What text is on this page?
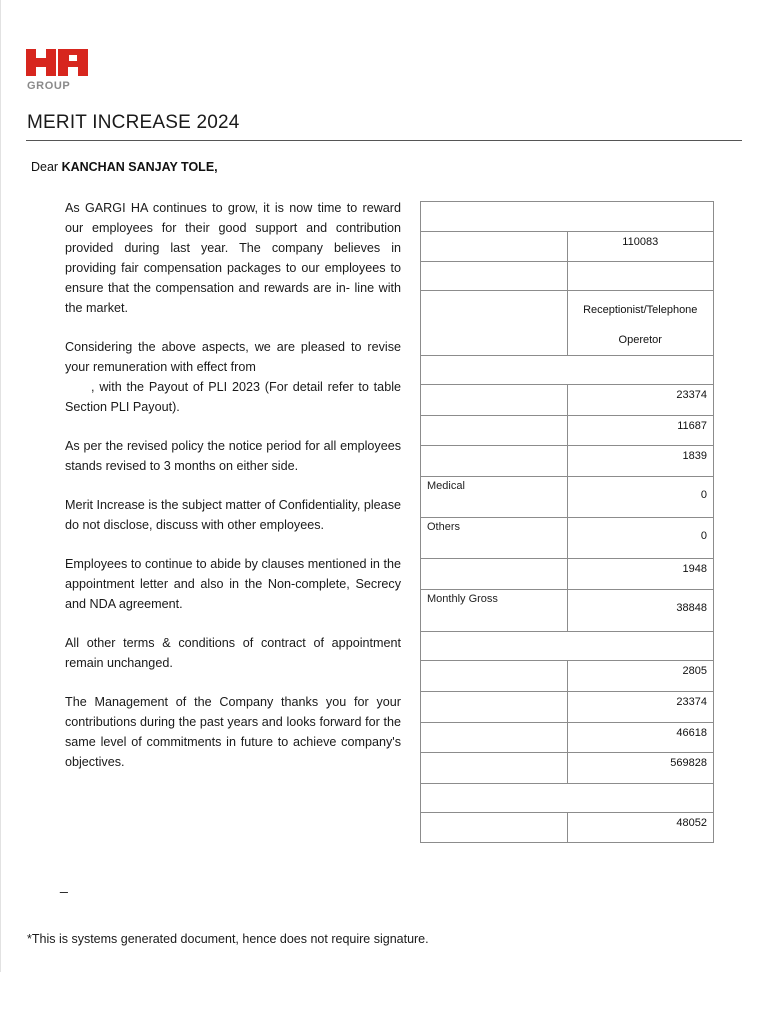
GROUP
MERIT INCREASE 2024
Dear KANCHAN SANJAY TOLE,

As GARGI HA continues to grow, it is now time to reward our employees for their good support and contribution provided during last year. The company believes in providing fair compensation packages to our employees to ensure that the compensation and rewards are in- line with the market.

Considering the above aspects, we are pleased to revise your remuneration with effect from
, with the Payout of PLI 2023 (For detail refer to table Section PLI Payout).

As per the revised policy the notice period for all employees stands revised to 3 months on either side.

Merit Increase is the subject matter of Confidentiality, please do not disclose, discuss with other employees.

Employees to continue to abide by clauses mentioned in the appointment letter and also in the Non-complete, Secrecy and NDA agreement.

All other terms & conditions of contract of appointment remain unchanged.

The Management of the Company thanks you for your contributions during the past years and looks forward for the same level of commitments in future to achieve company's objectives.

	110083

	Receptionist/Telephone
Operetor

	23374
	11687
	1839
Medical	0
Others	0
	1948
Monthly Gross	38848

	2805
	23374
	46618
	569828

	48052
_
*This is systems generated document, hence does not require signature.
